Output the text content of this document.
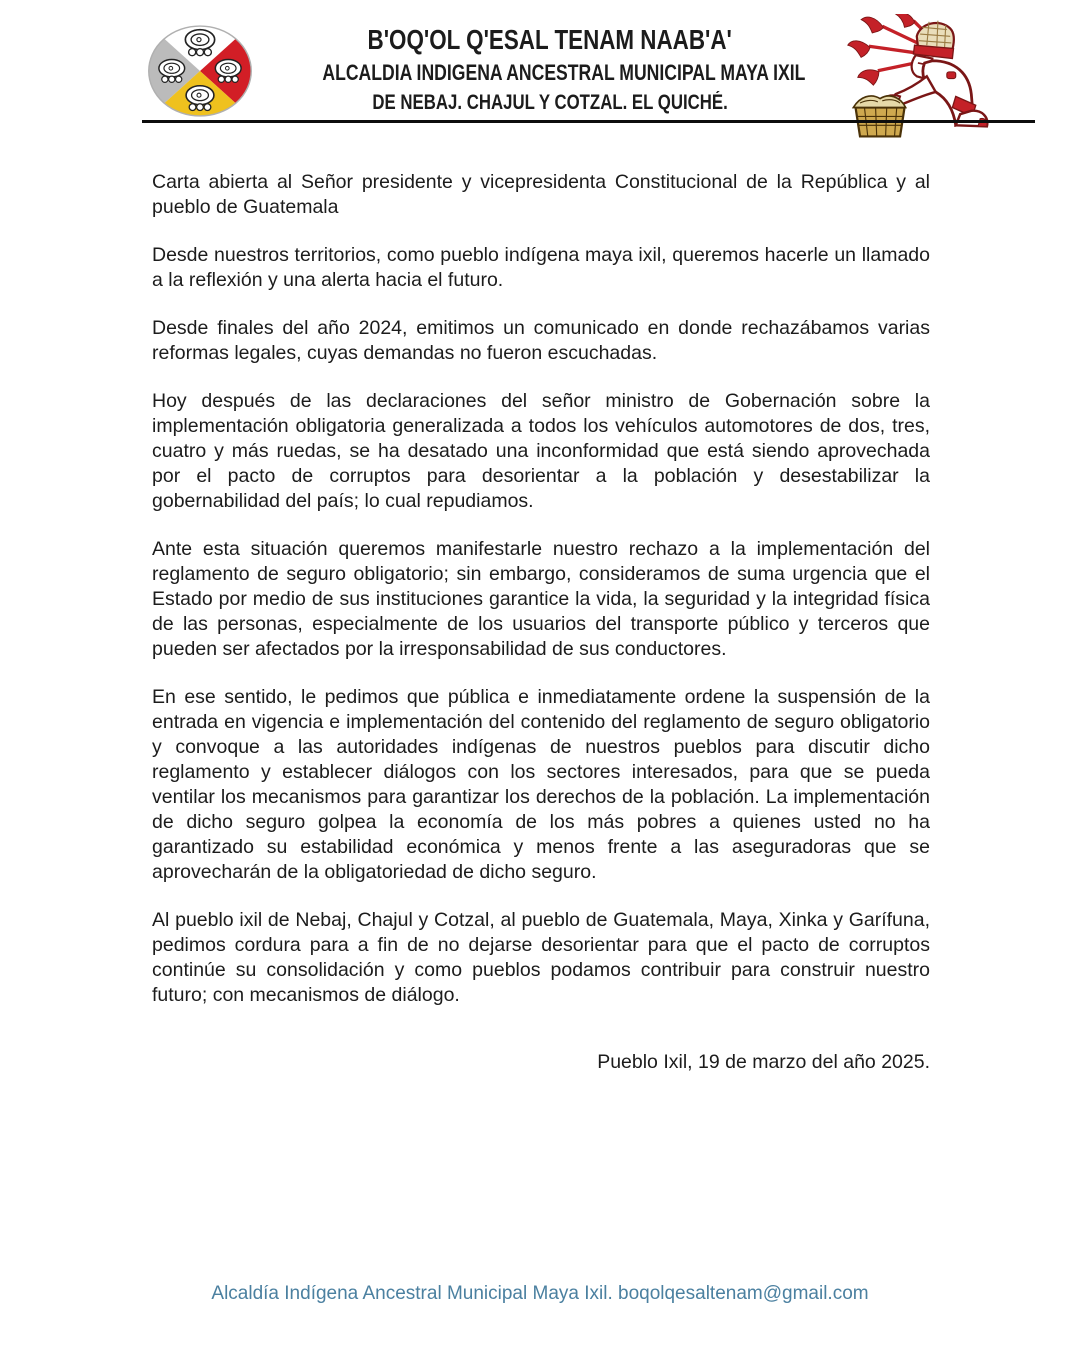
B'OQ'OL Q'ESAL TENAM NAAB'A'
ALCALDIA INDIGENA ANCESTRAL MUNICIPAL MAYA IXIL
DE NEBAJ. CHAJUL Y COTZAL. EL QUICHÉ.

Carta abierta al Señor presidente y vicepresidenta Constitucional de la República y al pueblo de Guatemala

Desde nuestros territorios, como pueblo indígena maya ixil, queremos hacerle un llamado a la reflexión y una alerta hacia el futuro.

Desde finales del año 2024, emitimos un comunicado en donde rechazábamos varias reformas legales, cuyas demandas no fueron escuchadas.

Hoy después de las declaraciones del señor ministro de Gobernación sobre la implementación obligatoria generalizada a todos los vehículos automotores de dos, tres, cuatro y más ruedas, se ha desatado una inconformidad que está siendo aprovechada por el pacto de corruptos para desorientar a la población y desestabilizar la gobernabilidad del país; lo cual repudiamos.

Ante esta situación queremos manifestarle nuestro rechazo a la implementación del reglamento de seguro obligatorio; sin embargo, consideramos de suma urgencia que el Estado por medio de sus instituciones garantice la vida, la seguridad y la integridad física de las personas, especialmente de los usuarios del transporte público y terceros que pueden ser afectados por la irresponsabilidad de sus conductores.

En ese sentido, le pedimos que pública e inmediatamente ordene la suspensión de la entrada en vigencia e implementación del contenido del reglamento de seguro obligatorio y convoque a las autoridades indígenas de nuestros pueblos para discutir dicho reglamento y establecer diálogos con los sectores interesados, para que se pueda ventilar los mecanismos para garantizar los derechos de la población. La implementación de dicho seguro golpea la economía de los más pobres a quienes usted no ha garantizado su estabilidad económica y menos frente a las aseguradoras que se aprovecharán de la obligatoriedad de dicho seguro.

Al pueblo ixil de Nebaj, Chajul y Cotzal, al pueblo de Guatemala, Maya, Xinka y Garífuna, pedimos cordura para a fin de no dejarse desorientar para que el pacto de corruptos continúe su consolidación y como pueblos podamos contribuir para construir nuestro futuro; con mecanismos de diálogo.

Pueblo Ixil, 19 de marzo del año 2025.
Alcaldía Indígena Ancestral Municipal Maya Ixil. boqolqesaltenam@gmail.com
